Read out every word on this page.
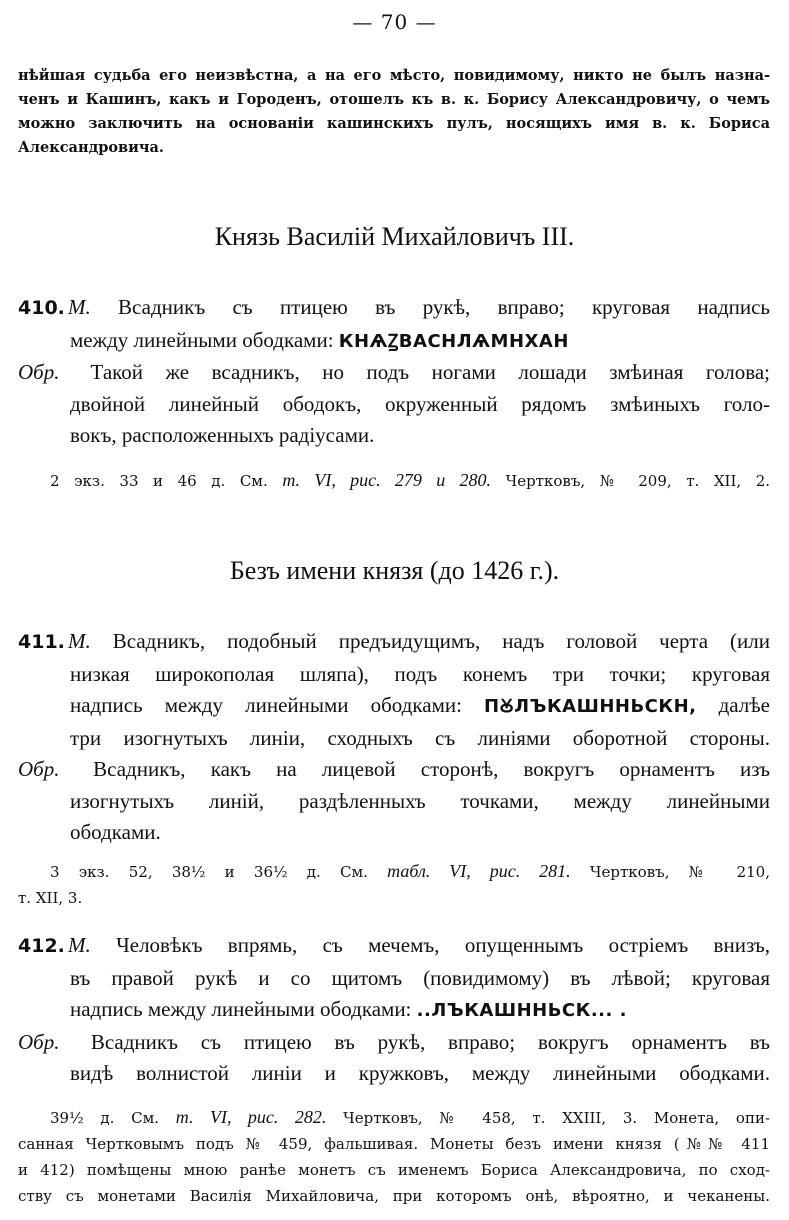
— 70 —
нѣйшая судьба его неизвѣстна, а на его мѣсто, повидимому, никто не былъ назна-
ченъ и Кашинъ, какъ и Городенъ, отошелъ къ в. к. Борису Александровичу, о чемъ
можно заключить на основаніи кашинскихъ пулъ, носящихъ имя в. к. Бориса
Александровича.
Князь Василій Михайловичъ III.
410. М. Всадникъ съ птицею въ рукѣ, вправо; круговая надпись
между линейными ободками: КНѦꙀВАСНЛѦМНХАН
Обр. Такой же всадникъ, но подъ ногами лошади змѣиная голова;
двойной линейный ободокъ, окруженный рядомъ змѣиныхъ голо-
вокъ, расположенныхъ радіусами.
2 экз. 33 и 46 д. См. т. VI, рис. 279 и 280. Чертковъ, № 209, т. XII, 2.
Безъ имени князя (до 1426 г.).
411. М. Всадникъ, подобный предъидущимъ, надъ головой черта (или
низкая широкополая шляпа), подъ конемъ три точки; круговая
надпись между линейными ободками: ПꙊЛЪКАШННЬСКН, далѣе
три изогнутыхъ линіи, сходныхъ съ линіями оборотной стороны.
Обр. Всадникъ, какъ на лицевой сторонѣ, вокругъ орнаментъ изъ
изогнутыхъ линій, раздѣленныхъ точками, между линейными
ободками.
3 экз. 52, 38½ и 36½ д. См. табл. VI, рис. 281. Чертковъ, № 210,
т. XII, 3.
412. М. Человѣкъ впрямь, съ мечемъ, опущеннымъ остріемъ внизъ,
въ правой рукѣ и со щитомъ (повидимому) въ лѣвой; круговая
надпись между линейными ободками: ..ЛЪКАШННЬСК... .
Обр. Всадникъ съ птицею въ рукѣ, вправо; вокругъ орнаментъ въ
видѣ волнистой линіи и кружковъ, между линейными ободками.
39½ д. См. т. VI, рис. 282. Чертковъ, № 458, т. XXIII, 3. Монета, опи-
санная Чертковымъ подъ № 459, фальшивая. Монеты безъ имени князя (№№ 411
и 412) помѣщены мною ранѣе монетъ съ именемъ Бориса Александровича, по сход-
ству съ монетами Василія Михайловича, при которомъ онѣ, вѣроятно, и чеканены.
